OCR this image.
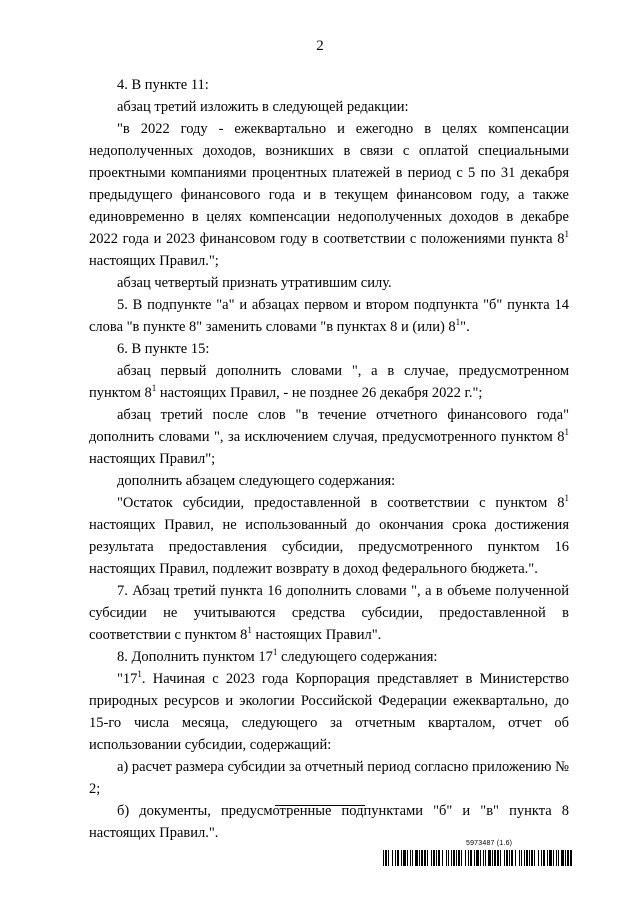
2

4. В пункте 11:

абзац третий изложить в следующей редакции:

"в 2022 году - ежеквартально и ежегодно в целях компенсации недополученных доходов, возникших в связи с оплатой специальными проектными компаниями процентных платежей в период с 5 по 31 декабря предыдущего финансового года и в текущем финансовом году, а также единовременно в целях компенсации недополученных доходов в декабре 2022 года и 2023 финансовом году в соответствии с положениями пункта $8^1$ настоящих Правил.";

абзац четвертый признать утратившим силу.

5. В подпункте "а" и абзацах первом и втором подпункта "б" пункта 14 слова "в пункте 8" заменить словами "в пунктах 8 и (или) $8^1$".

6. В пункте 15:

абзац первый дополнить словами ", а в случае, предусмотренном пунктом $8^1$ настоящих Правил, - не позднее 26 декабря 2022 г.";

абзац третий после слов "в течение отчетного финансового года" дополнить словами ", за исключением случая, предусмотренного пунктом $8^1$ настоящих Правил";

дополнить абзацем следующего содержания:

"Остаток субсидии, предоставленной в соответствии с пунктом $8^1$ настоящих Правил, не использованный до окончания срока достижения результата предоставления субсидии, предусмотренного пунктом 16 настоящих Правил, подлежит возврату в доход федерального бюджета.".

7. Абзац третий пункта 16 дополнить словами ", а в объеме полученной субсидии не учитываются средства субсидии, предоставленной в соответствии с пунктом $8^1$ настоящих Правил".

8. Дополнить пунктом $17^1$ следующего содержания:

"$17^1$. Начиная с 2023 года Корпорация представляет в Министерство природных ресурсов и экологии Российской Федерации ежеквартально, до 15-го числа месяца, следующего за отчетным кварталом, отчет об использовании субсидии, содержащий:

а) расчет размера субсидии за отчетный период согласно приложению № 2;

б) документы, предусмотренные подпунктами "б" и "в" пункта 8 настоящих Правил.".

5973487 (1.6)
